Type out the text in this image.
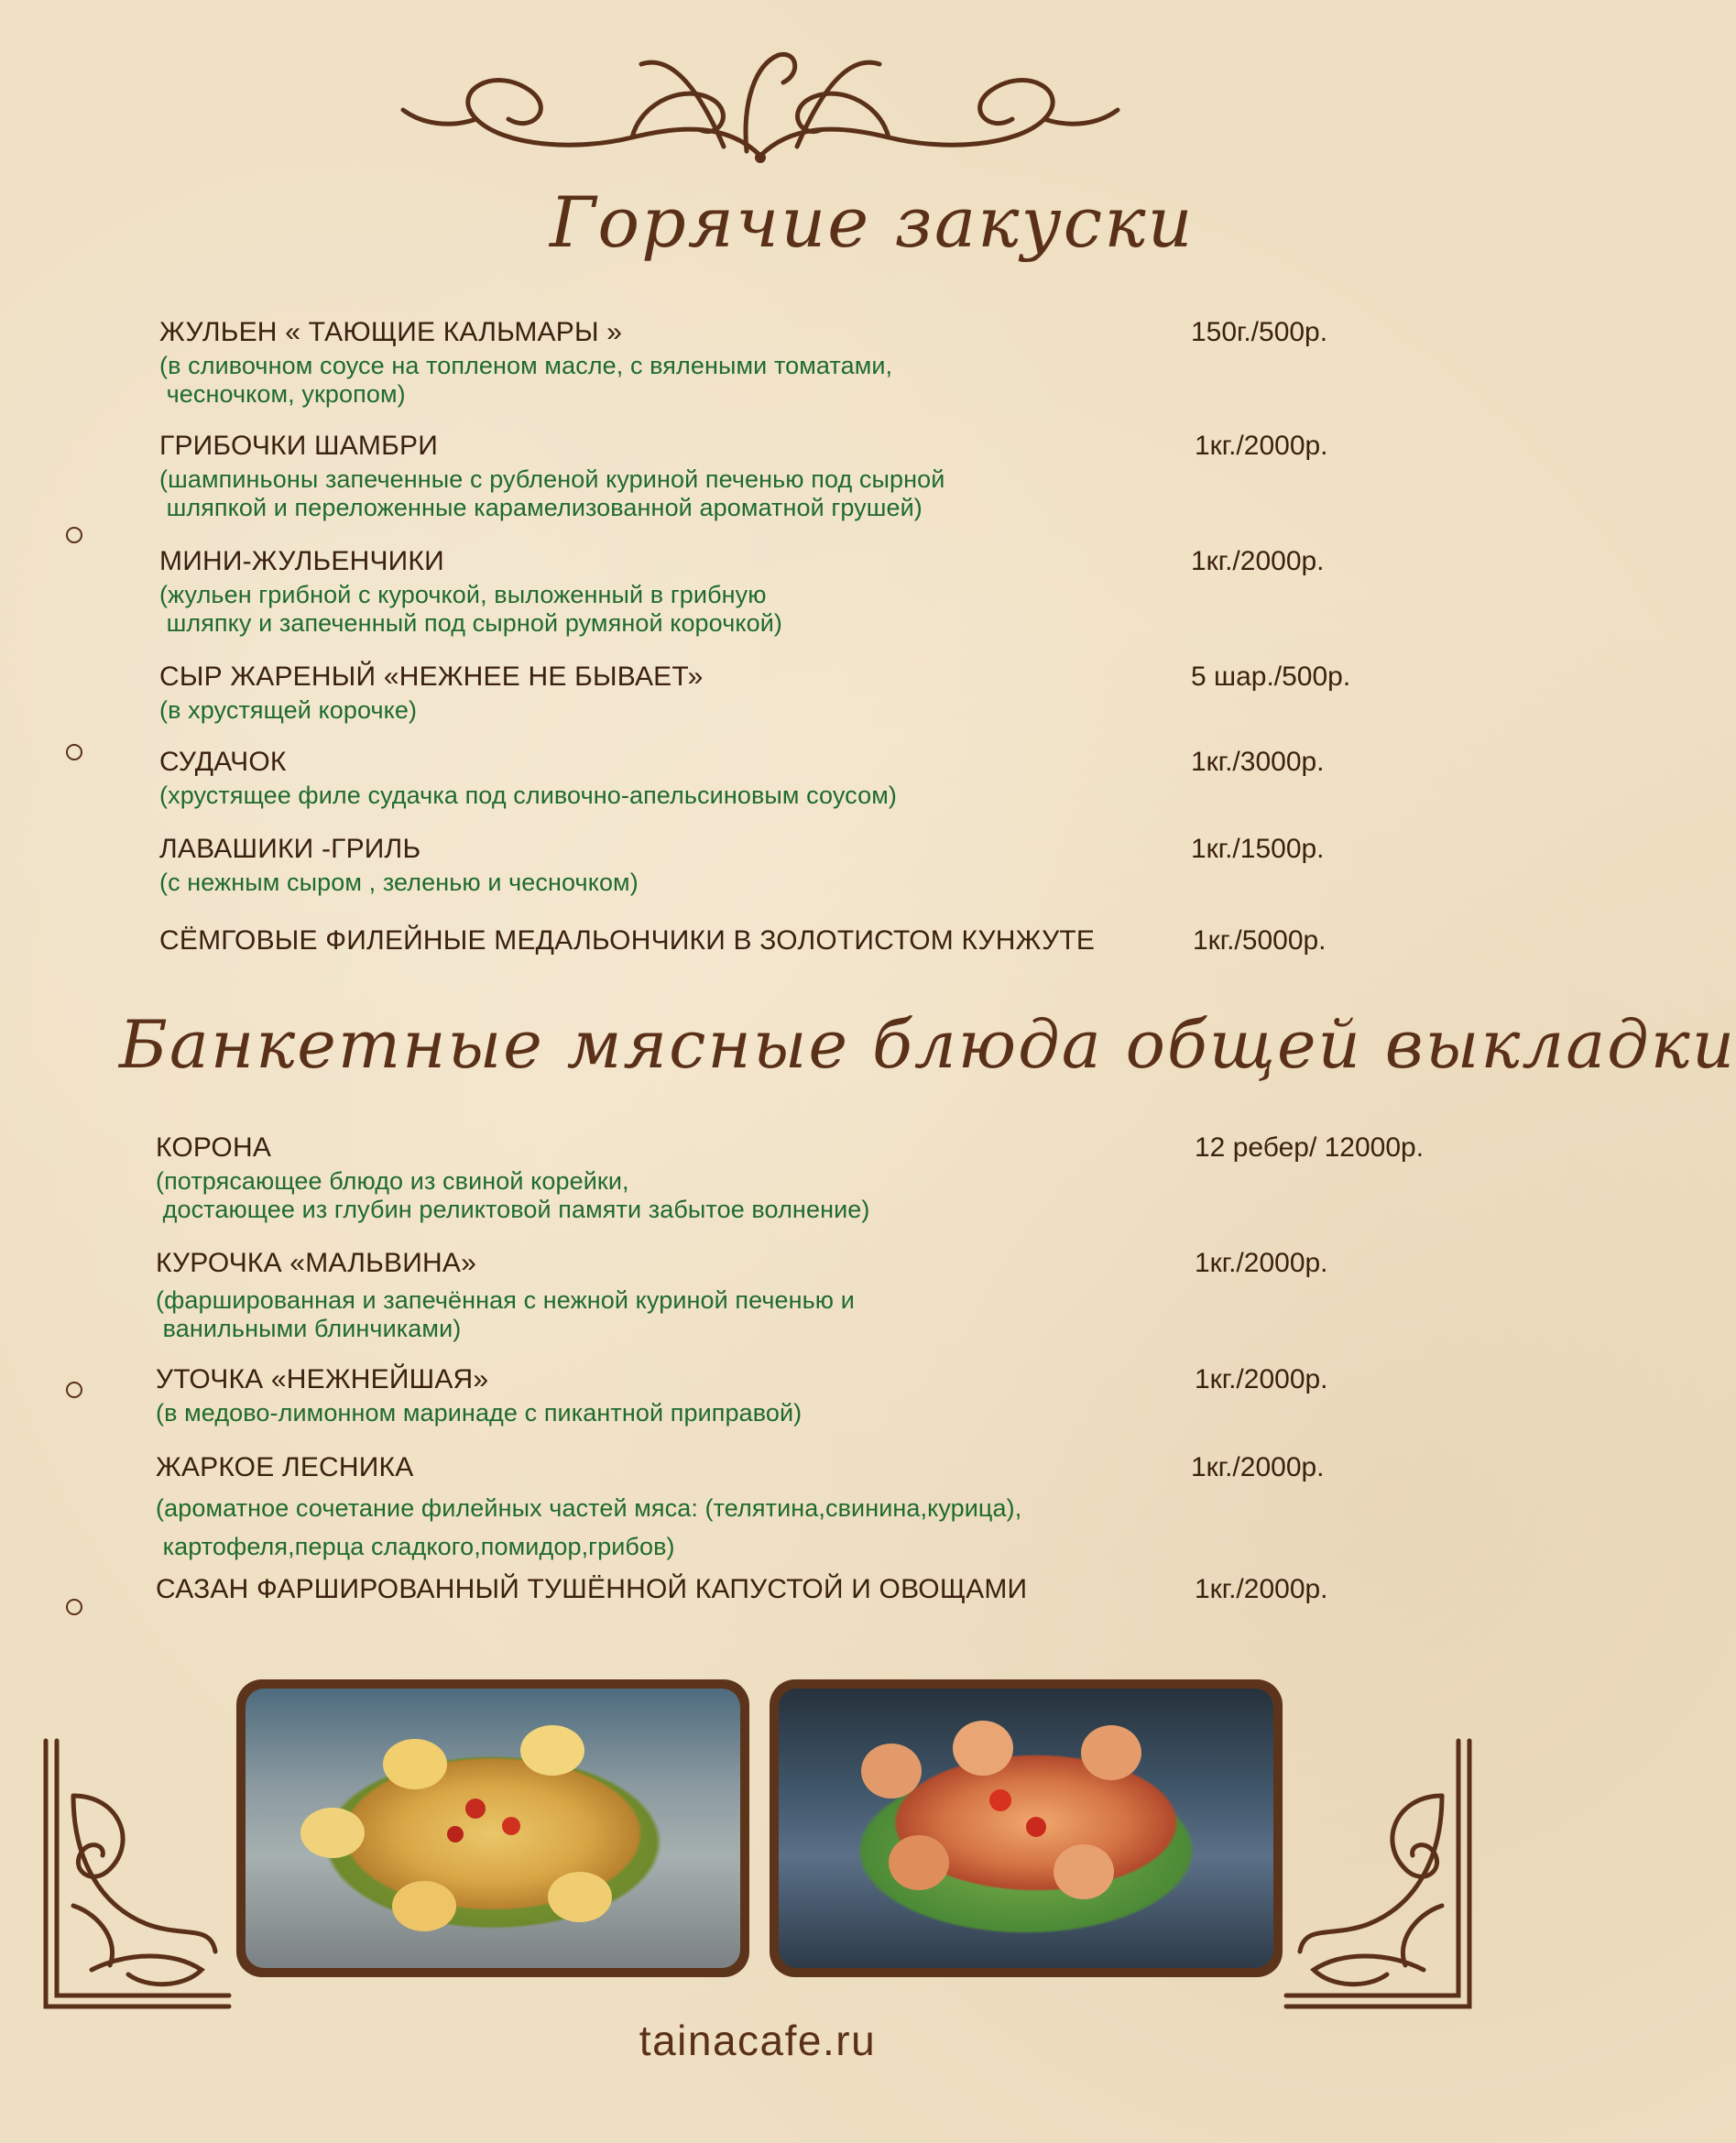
Горячие закуски
ЖУЛЬЕН « ТАЮЩИЕ КАЛЬМАРЫ »	150г./500р.
(в сливочном соусе на топленом масле, с вялеными томатами,
чесночком, укропом)
ГРИБОЧКИ ШАМБРИ	1кг./2000р.
(шампиньоны запеченные с рубленой куриной печенью под сырной
шляпкой и переложенные карамелизованной ароматной грушей)
МИНИ-ЖУЛЬЕНЧИКИ	1кг./2000р.
(жульен грибной с курочкой, выложенный в грибную
шляпку и запеченный под сырной румяной корочкой)
СЫР ЖАРЕНЫЙ «НЕЖНЕЕ НЕ БЫВАЕТ»	5 шар./500р.
(в хрустящей корочке)
СУДАЧОК	1кг./3000р.
(хрустящее филе судачка под сливочно-апельсиновым соусом)
ЛАВАШИКИ -ГРИЛЬ	1кг./1500р.
(с нежным сыром , зеленью и чесночком)
СЁМГОВЫЕ ФИЛЕЙНЫЕ МЕДАЛЬОНЧИКИ В ЗОЛОТИСТОМ КУНЖУТЕ	1кг./5000р.
Банкетные мясные блюда общей выкладки
КОРОНА	12 ребер/ 12000р.
(потрясающее блюдо из свиной корейки,
достающее из глубин реликтовой памяти забытое волнение)
КУРОЧКА «МАЛЬВИНА»	1кг./2000р.
(фаршированная и запечённая с нежной куриной печенью и
ванильными блинчиками)
УТОЧКА «НЕЖНЕЙШАЯ»	1кг./2000р.
(в медово-лимонном маринаде с пикантной приправой)
ЖАРКОЕ ЛЕСНИКА	1кг./2000р.
(ароматное сочетание филейных частей мяса: (телятина,свинина,курица),
картофеля,перца сладкого,помидор,грибов)
САЗАН ФАРШИРОВАННЫЙ ТУШЁННОЙ КАПУСТОЙ И ОВОЩАМИ	1кг./2000р.
tainacafe.ru
